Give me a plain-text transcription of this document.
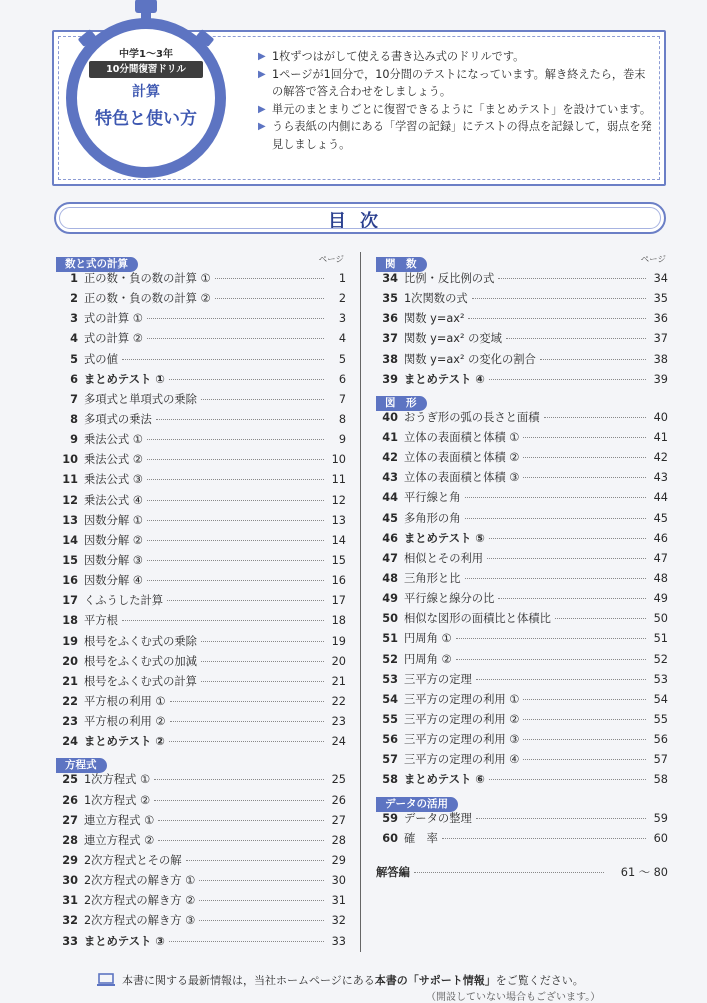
中学1〜3年
10分間復習ドリル
計算
特色と使い方
▶ 1枚ずつはがして使える書き込み式のドリルです。
▶ 1ページが1回分で，10分間のテストになっています。解き終えたら，巻末の解答で答え合わせをしましょう。
▶ 単元のまとまりごとに復習できるように「まとめテスト」を設けています。
▶ うら表紙の内側にある「学習の記録」にテストの得点を記録して，弱点を発見しましょう。
目次
数と式の計算	ページ
1 正の数・負の数の計算 ①	1
2 正の数・負の数の計算 ②	2
3 式の計算 ①	3
4 式の計算 ②	4
5 式の値	5
6 まとめテスト ①	6
7 多項式と単項式の乗除	7
8 多項式の乗法	8
9 乗法公式 ①	9
10 乗法公式 ②	10
11 乗法公式 ③	11
12 乗法公式 ④	12
13 因数分解 ①	13
14 因数分解 ②	14
15 因数分解 ③	15
16 因数分解 ④	16
17 くふうした計算	17
18 平方根	18
19 根号をふくむ式の乗除	19
20 根号をふくむ式の加減	20
21 根号をふくむ式の計算	21
22 平方根の利用 ①	22
23 平方根の利用 ②	23
24 まとめテスト ②	24
方程式
25 1次方程式 ①	25
26 1次方程式 ②	26
27 連立方程式 ①	27
28 連立方程式 ②	28
29 2次方程式とその解	29
30 2次方程式の解き方 ①	30
31 2次方程式の解き方 ②	31
32 2次方程式の解き方 ③	32
33 まとめテスト ③	33
関　数	ページ
34 比例・反比例の式	34
35 1次関数の式	35
36 関数 y=ax²	36
37 関数 y=ax² の変域	37
38 関数 y=ax² の変化の割合	38
39 まとめテスト ④	39
図　形
40 おうぎ形の弧の長さと面積	40
41 立体の表面積と体積 ①	41
42 立体の表面積と体積 ②	42
43 立体の表面積と体積 ③	43
44 平行線と角	44
45 多角形の角	45
46 まとめテスト ⑤	46
47 相似とその利用	47
48 三角形と比	48
49 平行線と線分の比	49
50 相似な図形の面積比と体積比	50
51 円周角 ①	51
52 円周角 ②	52
53 三平方の定理	53
54 三平方の定理の利用 ①	54
55 三平方の定理の利用 ②	55
56 三平方の定理の利用 ③	56
57 三平方の定理の利用 ④	57
58 まとめテスト ⑥	58
データの活用
59 データの整理	59
60 確　率	60
解答編	61 ～ 80
本書に関する最新情報は，当社ホームページにある 本書の「サポート情報」 をご覧ください。
（開設していない場合もございます。）
